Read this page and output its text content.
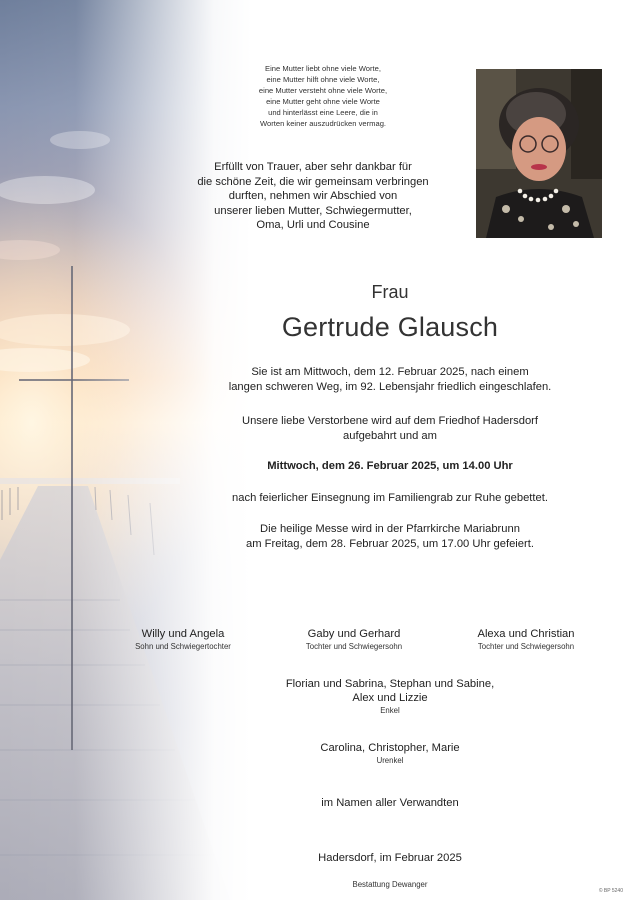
Eine Mutter liebt ohne viele Worte,
eine Mutter hilft ohne viele Worte,
eine Mutter versteht ohne viele Worte,
eine Mutter geht ohne viele Worte
und hinterlässt eine Leere, die in
Worten keiner auszudrücken vermag.
Erfüllt von Trauer, aber sehr dankbar für
die schöne Zeit, die wir gemeinsam verbringen
durften, nehmen wir Abschied von
unserer lieben Mutter, Schwiegermutter,
Oma, Urli und Cousine
Frau
Gertrude Glausch
Sie ist am Mittwoch, dem 12. Februar 2025, nach einem
langen schweren Weg, im 92. Lebensjahr friedlich eingeschlafen.
Unsere liebe Verstorbene wird auf dem Friedhof Hadersdorf
aufgebahrt und am
Mittwoch, dem 26. Februar 2025, um 14.00 Uhr
nach feierlicher Einsegnung im Familiengrab zur Ruhe gebettet.
Die heilige Messe wird in der Pfarrkirche Mariabrunn
am Freitag, dem 28. Februar 2025, um 17.00 Uhr gefeiert.
Willy und Angela
Sohn und Schwiegertochter
Gaby und Gerhard
Tochter und Schwiegersohn
Alexa und Christian
Tochter und Schwiegersohn
Florian und Sabrina, Stephan und Sabine,
Alex und Lizzie
Enkel
Carolina, Christopher, Marie
Urenkel
im Namen aller Verwandten
Hadersdorf, im Februar 2025
Bestattung Dewanger
© BP 5240
